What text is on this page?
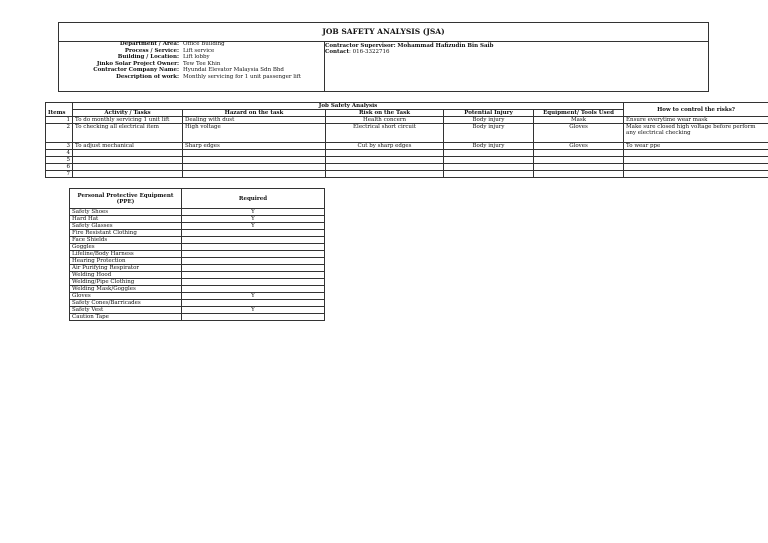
JOB SAFETY ANALYSIS (JSA)
Department / Area:	Office Building
Process / Service:	Lift service
Building / Location:	Lift lobby
Jinko Solar Project Owner:	Tew Tee Khin
Contractor Company Name:	Hyundai Elevator Malaysia Sdn Bhd
Description of work:	Monthly servicing for 1 unit passenger lift
Contractor Supervisor: Mohammad Hafizudin Bin Saib
Contact: 016-3322716
Items	Job Safety Analysis					How to control the risks?
	Activity / Tasks	Hazard on the task	Risk on the Task	Potential Injury	Equipment/ Tools Used	
1	To do monthly servicing 1 unit lift	Dealing with dust	Health concern	Body injury	Mask	Ensure everytime wear mask
2	To checking all electrical item	High voltage	Electrical short circuit	Body injury	Gloves	Make sure closed high voltage before perform any electrical checking
3	To adjust mechanical	Sharp edges	Cut by sharp edges	Body injury	Gloves	To wear ppe
4						
5						
6						
7						
Personal Protective Equipment
(PPE)	Required
Safety Shoes	Y
Hard Hat	Y
Safety Glasses	Y
Fire Resistant Clothing	
Face Shields	
Goggles	
Lifeline/Body Harness	
Hearing Protection	
Air Purifying Respirator	
Welding Hood	
Welding/Pipe Clothing	
Welding Mask/Goggles	
Gloves	Y
Safety Cones/Barricades	
Safety Vest	Y
Caution Tape	
